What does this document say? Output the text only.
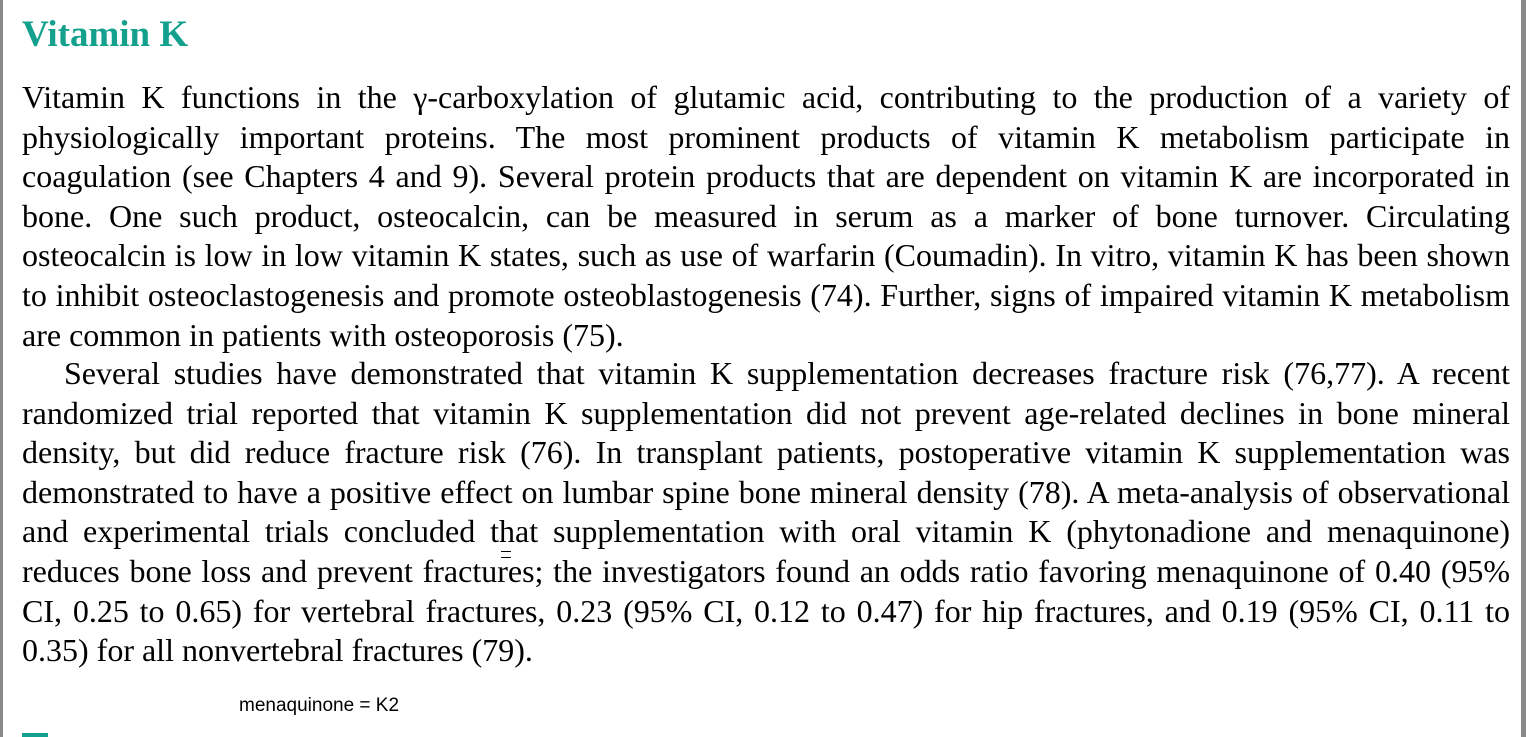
Vitamin K

Vitamin K functions in the γ-carboxylation of glutamic acid, contributing to the production of a variety of physiologically important proteins. The most prominent products of vitamin K metabolism participate in coagulation (see Chapters 4 and 9). Several protein products that are dependent on vitamin K are incorporated in bone. One such product, osteocalcin, can be measured in serum as a marker of bone turnover. Circulating osteocalcin is low in low vitamin K states, such as use of warfarin (Coumadin). In vitro, vitamin K has been shown to inhibit osteoclastogenesis and promote osteoblastogenesis (74). Further, signs of impaired vitamin K metabolism are common in patients with osteoporosis (75).

Several studies have demonstrated that vitamin K supplementation decreases fracture risk (76,77). A recent randomized trial reported that vitamin K supplementation did not prevent age-related declines in bone mineral density, but did reduce fracture risk (76). In transplant patients, postoperative vitamin K supplementation was demonstrated to have a positive effect on lumbar spine bone mineral density (78). A meta-analysis of observational and experimental trials concluded that supplementation with oral vitamin K (phytonadione and menaquinone) reduces bone loss and prevent fractures; the investigators found an odds ratio favoring menaquinone of 0.40 (95% CI, 0.25 to 0.65) for vertebral fractures, 0.23 (95% CI, 0.12 to 0.47) for hip fractures, and 0.19 (95% CI, 0.11 to 0.35) for all nonvertebral fractures (79).

menaquinone = K2
